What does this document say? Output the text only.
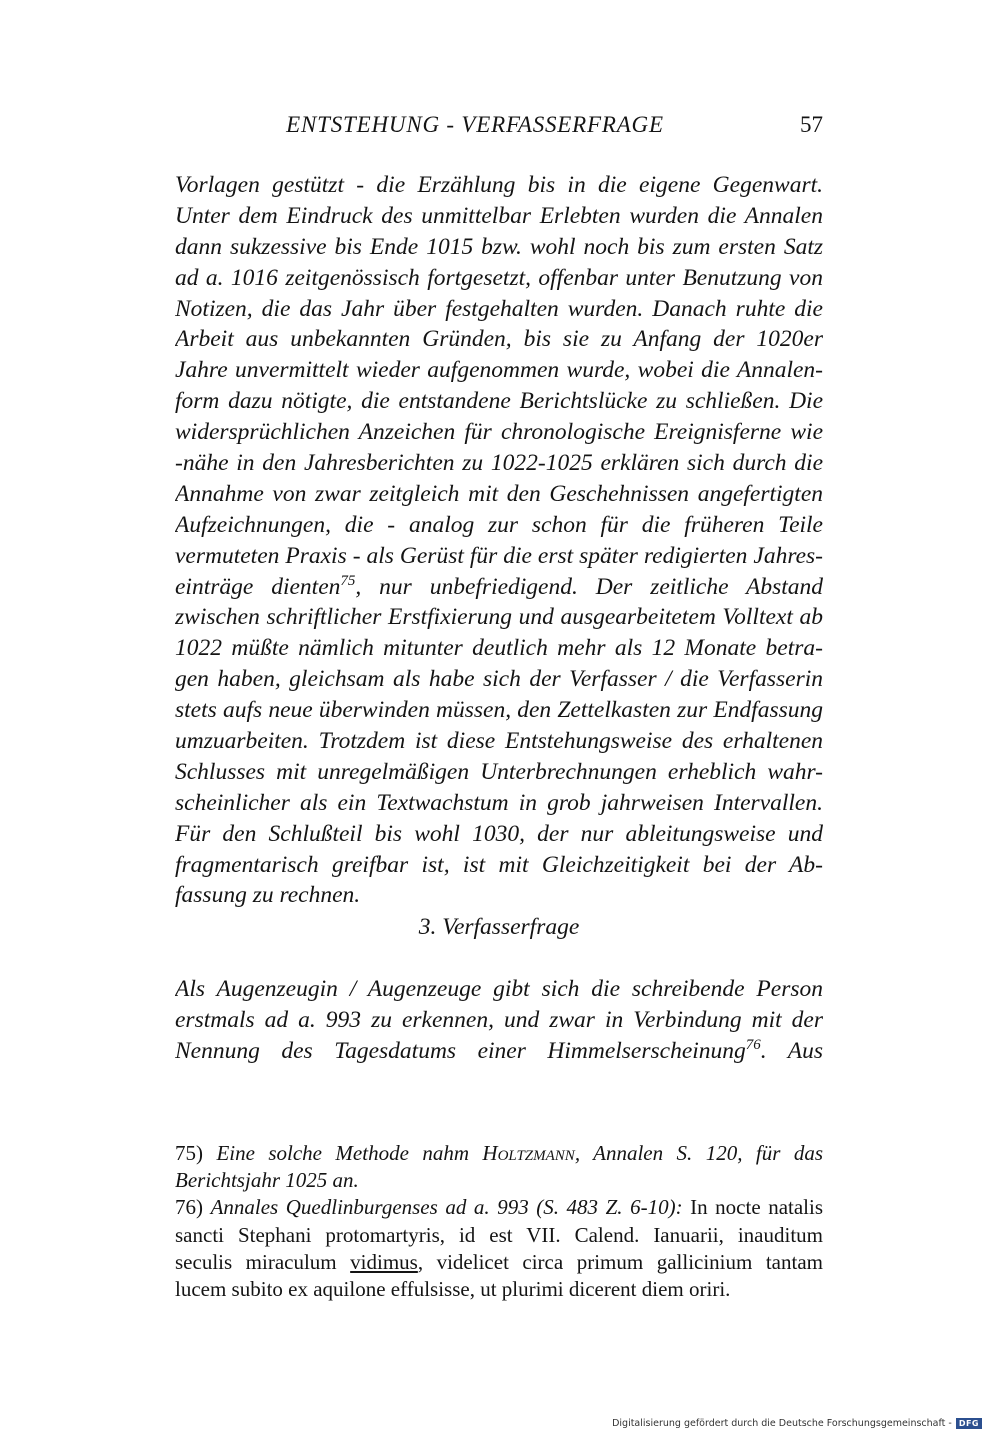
ENTSTEHUNG - VERFASSERFRAGE	57
Vorlagen gestützt - die Erzählung bis in die eigene Gegenwart.
Unter dem Eindruck des unmittelbar Erlebten wurden die Annalen
dann sukzessive bis Ende 1015 bzw. wohl noch bis zum ersten Satz
ad a. 1016 zeitgenössisch fortgesetzt, offenbar unter Benutzung von
Notizen, die das Jahr über festgehalten wurden. Danach ruhte die
Arbeit aus unbekannten Gründen, bis sie zu Anfang der 1020er
Jahre unvermittelt wieder aufgenommen wurde, wobei die Annalen-
form dazu nötigte, die entstandene Berichtslücke zu schließen. Die
widersprüchlichen Anzeichen für chronologische Ereignisferne wie
-nähe in den Jahresberichten zu 1022-1025 erklären sich durch die
Annahme von zwar zeitgleich mit den Geschehnissen angefertigten
Aufzeichnungen, die - analog zur schon für die früheren Teile
vermuteten Praxis - als Gerüst für die erst später redigierten Jahres-
einträge dienten$^{75}$, nur unbefriedigend. Der zeitliche Abstand
zwischen schriftlicher Erstfixierung und ausgearbeitetem Volltext ab
1022 müßte nämlich mitunter deutlich mehr als 12 Monate betra-
gen haben, gleichsam als habe sich der Verfasser / die Verfasserin
stets aufs neue überwinden müssen, den Zettelkasten zur Endfassung
umzuarbeiten. Trotzdem ist diese Entstehungsweise des erhaltenen
Schlusses mit unregelmäßigen Unterbrechnungen erheblich wahr-
scheinlicher als ein Textwachstum in grob jahrweisen Intervallen.
Für den Schlußteil bis wohl 1030, der nur ableitungsweise und
fragmentarisch greifbar ist, ist mit Gleichzeitigkeit bei der Ab-
fassung zu rechnen.
3. Verfasserfrage
Als Augenzeugin / Augenzeuge gibt sich die schreibende Person
erstmals ad a. 993 zu erkennen, und zwar in Verbindung mit der
Nennung des Tagesdatums einer Himmelserscheinung$^{76}$. Aus
75) Eine solche Methode nahm Holtzmann, Annalen S. 120, für das
Berichtsjahr 1025 an.
76) Annales Quedlinburgenses ad a. 993 (S. 483 Z. 6-10): In nocte natalis
sancti Stephani protomartyris, id est VII. Calend. Ianuarii, inauditum
seculis miraculum vidimus, videlicet circa primum gallicinium tantam
lucem subito ex aquilone effulsisse, ut plurimi dicerent diem oriri.
Digitalisierung gefördert durch die Deutsche Forschungsgemeinschaft - DFG
